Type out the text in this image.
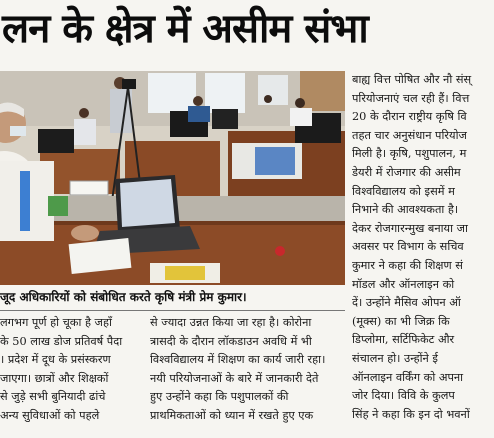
लन के क्षेत्र में असीम संभा
जूद अधिकारियों को संबोधित करते कृषि मंत्री प्रेम कुमार।
लगभग पूर्ण हो चूका है जहाँ
के 50 लाख डोज प्रतिवर्ष पैदा
। प्रदेश में दूध के प्रसंस्करण
जाएगा। छात्रों और शिक्षकों
से जुड़े सभी बुनियादी ढांचे
अन्य सुविधाओं को पहले
से ज्यादा उन्नत किया जा रहा है। कोरोना
त्रासदी के दौरान लॉकडाउन अवधि में भी
विश्वविद्यालय में शिक्षण का कार्य जारी रहा।
नयी परियोजनाओं के बारे में जानकारी देते
हुए उन्होंने कहा कि पशुपालकों की
प्राथमिकताओं को ध्यान में रखते हुए एक
बाह्य वित्त पोषित और नौ संस्
परियोजनाएं चल रही हैं। वित्त
20 के दौरान राष्ट्रीय कृषि वि
तहत चार अनुसंधान परियोज
मिली है। कृषि, पशुपालन, म
डेयरी में रोजगार की असीम
विश्वविद्यालय को इसमें म
निभाने की आवश्यकता है।
देकर रोजगारन्मुख बनाया जा
अवसर पर विभाग के सचिव
कुमार ने कहा की शिक्षण सं
मॉडल और ऑनलाइन को
दें। उन्होंने मैसिव ओपन ऑ
(मूक्स) का भी जिक्र कि
डिप्लोमा, सर्टिफिकेट और
संचालन हो। उन्होंने ई
ऑनलाइन वर्किंग को अपना
जोर दिया। विवि के कुलप
सिंह ने कहा कि इन दो भवनों
